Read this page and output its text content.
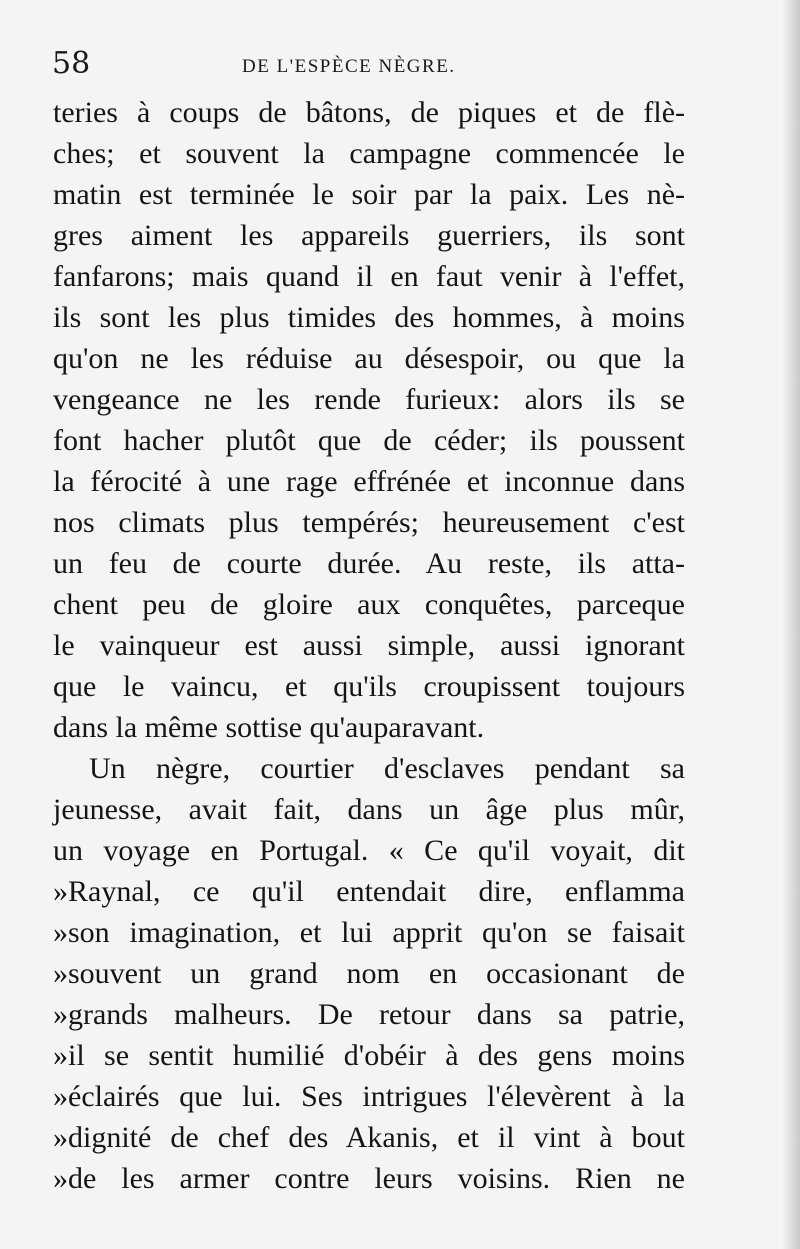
58	DE L'ESPÈCE NÈGRE.
teries à coups de bâtons, de piques et de flè-
ches; et souvent la campagne commencée le
matin est terminée le soir par la paix. Les nè-
gres aiment les appareils guerriers, ils sont
fanfarons; mais quand il en faut venir à l'effet,
ils sont les plus timides des hommes, à moins
qu'on ne les réduise au désespoir, ou que la
vengeance ne les rende furieux: alors ils se
font hacher plutôt que de céder; ils poussent
la férocité à une rage effrénée et inconnue dans
nos climats plus tempérés; heureusement c'est
un feu de courte durée. Au reste, ils atta-
chent peu de gloire aux conquêtes, parceque
le vainqueur est aussi simple, aussi ignorant
que le vaincu, et qu'ils croupissent toujours
dans la même sottise qu'auparavant.
Un nègre, courtier d'esclaves pendant sa
jeunesse, avait fait, dans un âge plus mûr,
un voyage en Portugal. « Ce qu'il voyait, dit
»Raynal, ce qu'il entendait dire, enflamma
»son imagination, et lui apprit qu'on se faisait
»souvent un grand nom en occasionant de
»grands malheurs. De retour dans sa patrie,
»il se sentit humilié d'obéir à des gens moins
»éclairés que lui. Ses intrigues l'élevèrent à la
»dignité de chef des Akanis, et il vint à bout
»de les armer contre leurs voisins. Rien ne
